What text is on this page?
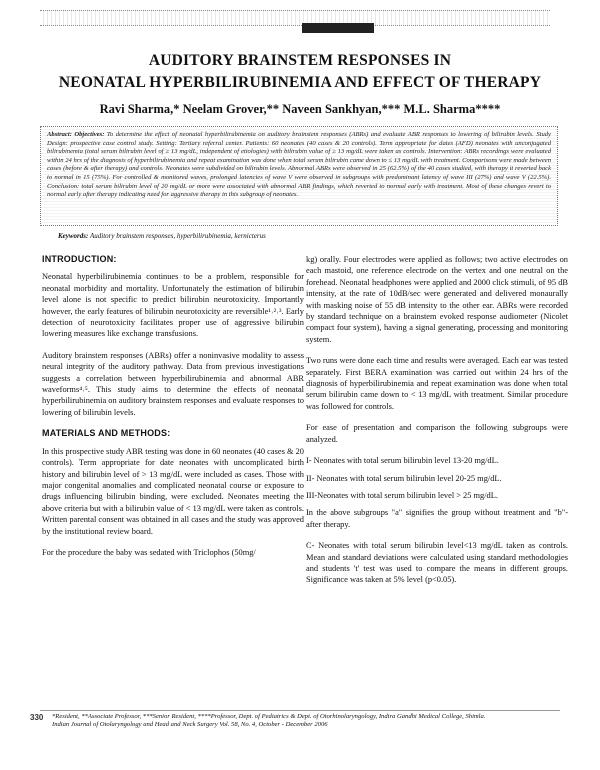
AUDITORY BRAINSTEM RESPONSES IN
NEONATAL HYPERBILIRUBINEMIA AND EFFECT OF THERAPY
Ravi Sharma,* Neelam Grover,** Naveen Sankhyan,*** M.L. Sharma****
Abstract: Objectives: To determine the effect of neonatal hyperbilirubinemia on auditory brainstem responses (ABRs) and evaluate ABR responses to lowering of bilirubin levels. Study Design: prospective case control study. Setting: Tertiary referral center. Patients: 60 neonates (40 cases & 20 controls). Term appropriate for dates (AFD) neonates with unconjugated bilirubinemia (total serum bilirubin level of ≥ 13 mg/dL, independent of etiologies) with bilirubin value of ≥ 13 mg/dL were taken as controls. Intervention: ABRs recordings were evaluated within 24 hrs of the diagnosis of hyperbilirubinemia and repeat examination was done when total serum bilirubin came down to ≤ 13 mg/dL with treatment. Comparisons were made between cases (before & after therapy) and controls. Neonates were subdivided on bilirubin levels. Abnormal ABRs were observed in 25 (62.5%) of the 40 cases studied, with therapy it reverted back to normal in 15 (75%). For controlled & monitored waves, prolonged latencies of wave V were observed in subgroups with predominant latency of wave III (27%) and wave V (22.5%). Conclusion: total serum bilirubin level of 20 mg/dL or more were associated with abnormal ABR findings, which reverted to normal early with treatment. Most of these changes revert to normal early after therapy indicating need for aggressive therapy in this subgroup of neonates.
Keywords: Auditory brainstem responses, hyperbilirubinemia, kernicterus
INTRODUCTION:

Neonatal hyperbilirubinemia continues to be a problem, responsible for neonatal morbidity and mortality. Unfortunately the estimation of bilirubin level alone is not specific to predict bilirubin neurotoxicity. Importantly however, the early features of bilirubin neurotoxicity are reversible¹˒²˒³. Early detection of neurotoxicity facilitates proper use of aggressive bilirubin lowering measures like exchange transfusions.

Auditory brainstem responses (ABRs) offer a noninvasive modality to assess neural integrity of the auditory pathway. Data from previous investigations suggests a correlation between hyperbilirubinemia and abnormal ABR waveforms⁴˒⁵. This study aims to determine the effects of neonatal hyperbilirubinemia on auditory brainstem responses and evaluate responses to lowering of bilirubin levels.

MATERIALS AND METHODS:

In this prospective study ABR testing was done in 60 neonates (40 cases & 20 controls). Term appropriate for date neonates with uncomplicated birth history and bilirubin level of > 13 mg/dL were included as cases. Those with major congenital anomalies and complicated neonatal course or exposure to drugs influencing bilirubin binding, were excluded. Neonates meeting the above criteria but with a bilirubin value of < 13 mg/dL were taken as controls. Written parental consent was obtained in all cases and the study was approved by the institutional review board.

For the procedure the baby was sedated with Triclophos (50mg/

kg) orally. Four electrodes were applied as follows; two active electrodes on each mastoid, one reference electrode on the vertex and one neutral on the forehead. Neonatal headphones were applied and 2000 click stimuli, of 95 dB intensity, at the rate of 10dB/sec were generated and delivered monaurally with masking noise of 55 dB intensity to the other ear. ABRs were recorded by standard technique on a brainstem evoked response audiometer (Nicolet compact four system), having a signal generating, processing and monitoring system.

Two runs were done each time and results were averaged. Each ear was tested separately. First BERA examination was carried out within 24 hrs of the diagnosis of hyperbilirubinemia and repeat examination was done when total serum bilirubin came down to < 13 mg/dL with treatment. Similar procedure was followed for controls.

For ease of presentation and comparison the following subgroups were analyzed.

I- Neonates with total serum bilirubin level 13-20 mg/dL.

II- Neonates with total serum bilirubin level 20-25 mg/dL.

III-Neonates with total serum bilirubin level > 25 mg/dL.

In the above subgroups "a" signifies the group without treatment and "b"- after therapy.

C- Neonates with total serum bilirubin level<13 mg/dL taken as controls. Mean and standard deviations were calculated using standard methodologies and students 't' test was used to compare the means in different groups. Significance was taken at 5% level (p<0.05).

330 *Resident, **Associate Professor, ***Senior Resident, ****Professor, Dept. of Pediatrics & Dept. of Otorhinolaryngology, Indira Gandhi Medical College, Shimla.
Indian Journal of Otolaryngology and Head and Neck Surgery Vol. 58, No. 4, October - December 2006
